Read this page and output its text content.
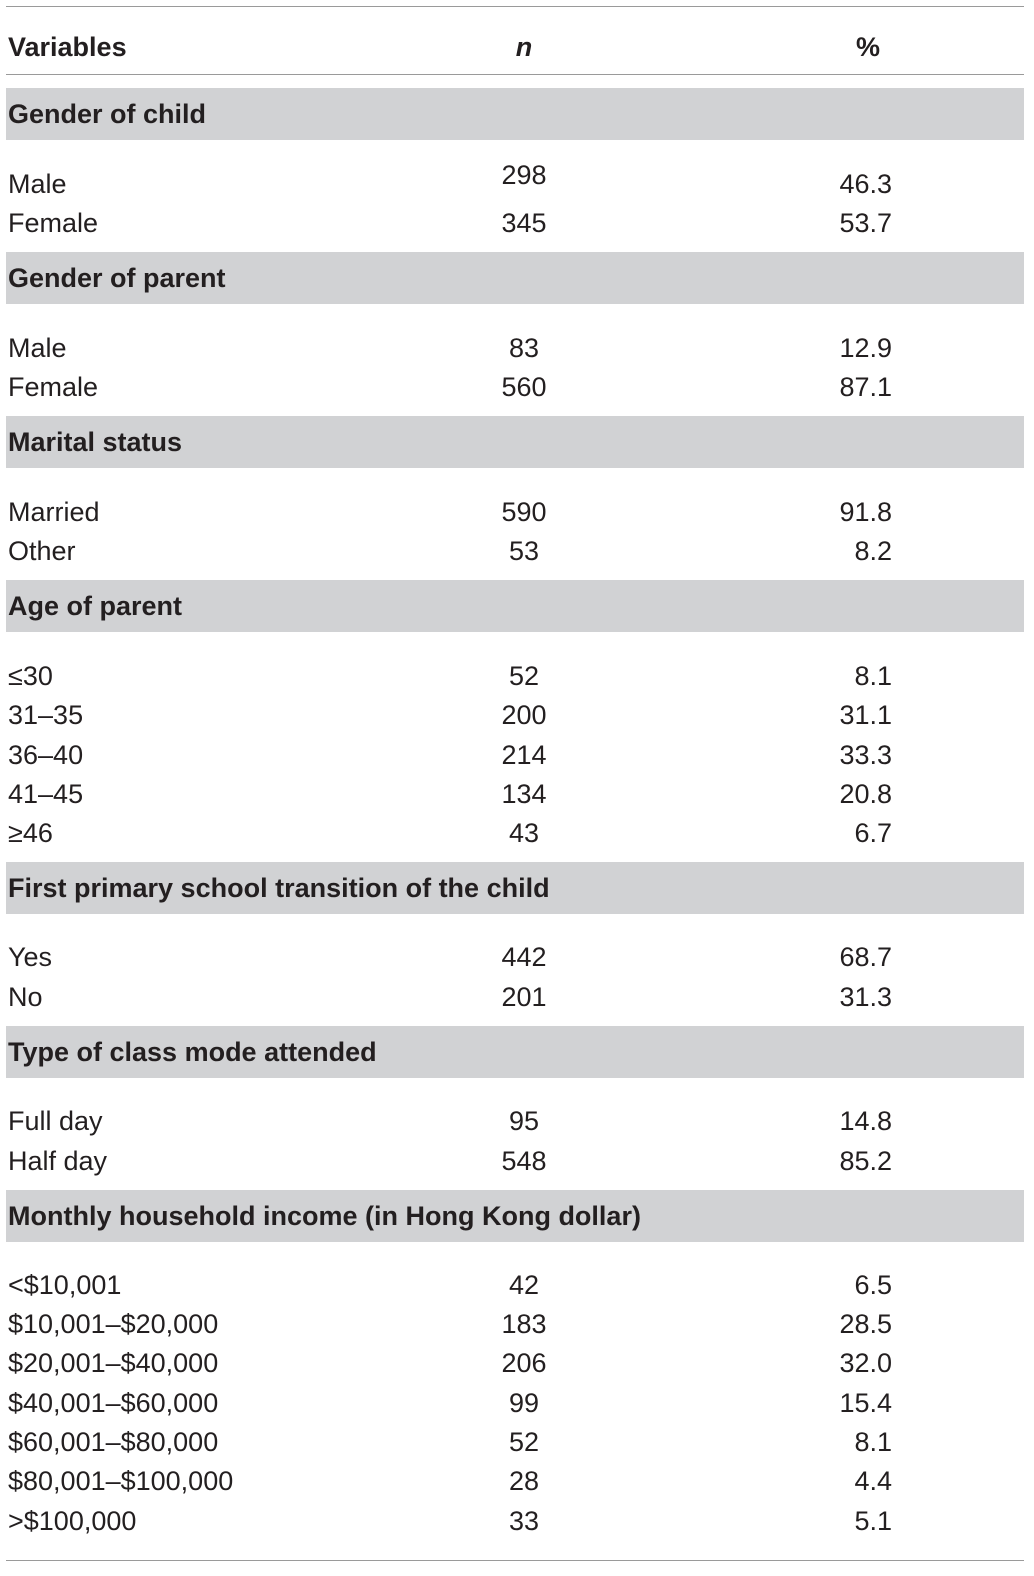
Variables	n	%
Gender of child
Male	298	46.3
Female	345	53.7
Gender of parent
Male	83	12.9
Female	560	87.1
Marital status
Married	590	91.8
Other	53	8.2
Age of parent
≤30	52	8.1
31–35	200	31.1
36–40	214	33.3
41–45	134	20.8
≥46	43	6.7
First primary school transition of the child
Yes	442	68.7
No	201	31.3
Type of class mode attended
Full day	95	14.8
Half day	548	85.2
Monthly household income (in Hong Kong dollar)
<$10,001	42	6.5
$10,001–$20,000	183	28.5
$20,001–$40,000	206	32.0
$40,001–$60,000	99	15.4
$60,001–$80,000	52	8.1
$80,001–$100,000	28	4.4
>$100,000	33	5.1
